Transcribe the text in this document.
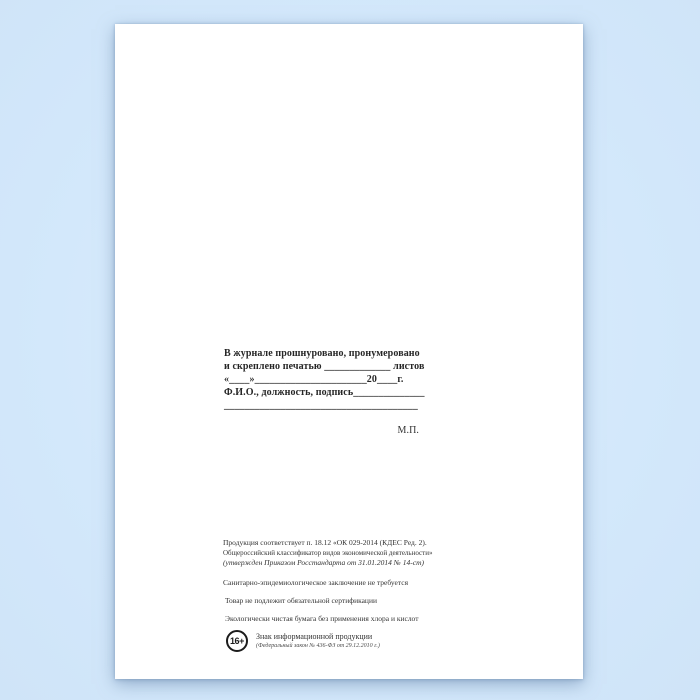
В журнале прошнуровано, пронумеровано
и скреплено печатью _____________ листов
«____»______________________20____г.
Ф.И.О., должность, подпись______________
______________________________________
М.П.
Продукция соответствует п. 18.12 «ОК 029-2014 (КДЕС Ред. 2).
Общероссийский классификатор видов экономической деятельности»
(утвержден Приказом Росстандарта от 31.01.2014 № 14-ст)
Санитарно-эпидемиологическое заключение не требуется
Товар не подлежит обязательной сертификации
Экологически чистая бумага без применения хлора и кислот
16+	Знак информационной продукции
(Федеральный закон № 436-ФЗ от 29.12.2010 г.)
